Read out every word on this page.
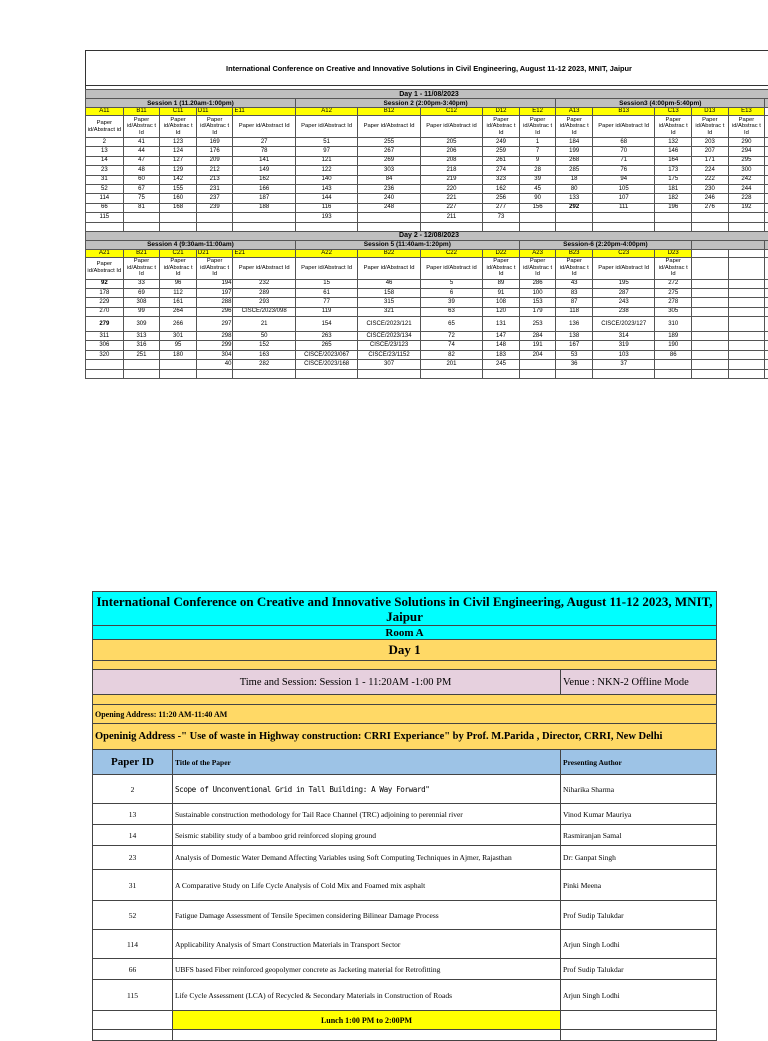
International Conference on Creative and Innovative Solutions in Civil Engineering, August 11-12 2023, MNIT, Jaipur
Day 1 - 11/08/2023															
Session 1 (11.20am-1:00pm)					Session 2 (2:00pm-3:40pm)					Session3 (4:00pm-5:40pm)					
A11	B11	C11	D11	E11	A12	B12	C12	D12	E12	A13	B13	C13	D13	E13	
Paper id/Abstract id	Paper id/Abstrac t Id	Paper id/Abstrac t Id	Paper id/Abstrac t Id	Paper id/Abstract Id	Paper id/Abstract Id	Paper id/Abstract Id	Paper id/Abstract id	Paper id/Abstrac t Id	Paper id/Abstrac t Id	Paper id/Abstrac t Id	Paper id/Abstract Id	Paper id/Abstrac t Id	Paper id/Abstrac t Id	Paper id/Abstrac t Id	
2	41	123	169	27	51	255	205	249	1	184	68	132	203	290	
13	44	124	176	78	97	267	206	259	7	199	70	146	207	294	
14	47	127	209	141	121	269	208	261	9	268	71	164	171	295	
23	48	129	212	149	122	303	218	274	28	285	76	173	224	300	
31	60	142	213	162	140	84	219	323	39	18	94	175	222	242	
52	67	155	231	166	143	236	220	162	45	80	105	181	230	244	
114	75	160	237	187	144	240	221	256	90	133	107	182	246	228	
66	81	168	239	188	116	248	227	277	156	292	111	196	276	192	
115					193		211	73							

Day 2 - 12/08/2023															
Session 4 (9:30am-11:00am)					Session 5 (11:40am-1:20pm)				Session-6 (2:20pm-4:00pm)						
A21	B21	C21	D21	E21	A22	B22	C22	D22	A23	B23	C23	D23			
Paper id/Abstract Id	Paper id/Abstrac t Id	Paper id/Abstrac t Id	Paper id/Abstrac t Id	Paper id/Abstract Id	Paper id/Abstract Id	Paper id/Abstract Id	Paper id/Abstract id	Paper id/Abstrac t Id	Paper id/Abstrac t Id	Paper id/Abstrac t Id	Paper id/Abstract Id	Paper id/Abstrac t Id			
92	33	96	194	232	15	46	5	89	286	43	195	272			
178	69	112	197	289	61	158	6	91	100	83	287	275			
229	308	161	288	293	77	315	39	108	153	87	243	278			
270	99	264	296	CISCE/2023/098	119	321	63	120	179	118	238	305			
279	309	266	297	21	154	CISCE/2023/121	65	131	253	136	CISCE/2023/127	310			
311	313	301	298	50	263	CISCE/2023/134	72	147	284	138	314	189			
306	316	95	299	152	265	CISCE/23/123	74	148	191	167	319	190			
320	251	180	304	163	CISCE/2023/067	CISCE/23/1152	82	183	204	53	103	86			
			40	282	CISCE/2023/168	307	201	245		36	37				

International Conference on Creative and Innovative Solutions in Civil Engineering, August 11-12 2023, MNIT, Jaipur		
Room A		
Day 1		

Time and Session: Session 1 - 11:20AM -1:00 PM		Venue : NKN-2 Offline Mode

Opening Address: 11:20 AM-11:40 AM		
Openinig Address -" Use of waste in Highway construction: CRRI Experiance" by Prof. M.Parida , Director, CRRI, New Delhi		
Paper ID	Title of the Paper	Presenting Author
2	Scope of Unconventional Grid in Tall Building: A Way Forward"	Niharika Sharma
13	Sustainable construction methodology for Tail Race Channel (TRC) adjoining to perennial river	Vinod Kumar Mauriya
14	Seismic stability study of a bamboo grid reinforced sloping ground	Rasmiranjan Samal
23	Analysis of Domestic Water Demand Affecting Variables using Soft Computing Techniques in Ajmer, Rajasthan	Dr: Ganpat Singh
31	A Comparative Study on Life Cycle Analysis of Cold Mix and Foamed mix asphalt	Pinki Meena
52	Fatigue Damage Assessment of Tensile Specimen considering Bilinear Damage Process	Prof Sudip Talukdar
114	Applicability Analysis of Smart Construction Materials in Transport Sector	Arjun Singh Lodhi
66	UBFS based Fiber reinforced geopolymer concrete as Jacketing material for Retrofitting	Prof Sudip Talukdar
115	Life Cycle Assessment (LCA) of Recycled & Secondary Materials in Construction of Roads	Arjun Singh Lodhi
	Lunch 1:00 PM to 2:00PM	
